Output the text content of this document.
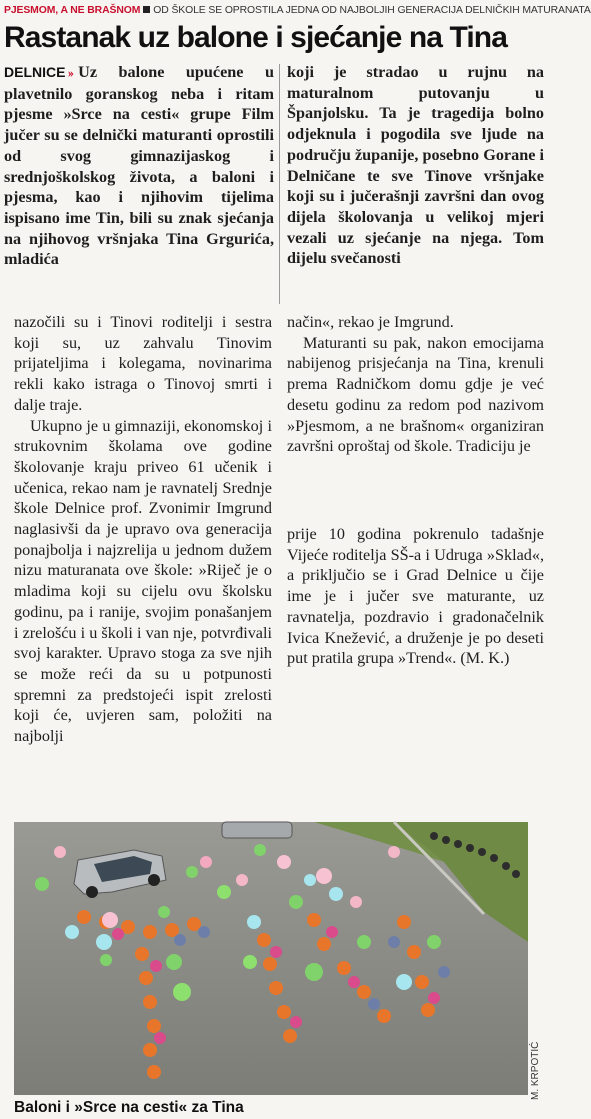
PJESMOM, A NE BRAŠNOM OD ŠKOLE SE OPROSTILA JEDNA OD NAJBOLJIH GENERACIJA DELNIČKIH MATURANATA
Rastanak uz balone i sjećanje na Tina

DELNICE ›› Uz balone upućene u plavetnilo goranskog neba i ritam pjesme »Srce na cesti« grupe Film jučer su se delnički maturanti oprostili od svog gimnazijaskog i srednjoškolskog života, a baloni i pjesma, kao i njihovim tijelima ispisano ime Tin, bili su znak sjećanja na njihovog vršnjaka Tina Grgurića, mladića

koji je stradao u rujnu na maturalnom putovanju u Španjolsku. Ta je tragedija bolno odjeknula i pogodila sve ljude na području županije, posebno Gorane i Delničane te sve Tinove vršnjake koji su i jučerašnji završni dan ovog dijela školovanja u velikoj mjeri vezali uz sjećanje na njega. Tom dijelu svečanosti

nazočili su i Tinovi roditelji i sestra koji su, uz zahvalu Tinovim prijateljima i kolegama, novinarima rekli kako istraga o Tinovoj smrti i dalje traje.

Ukupno je u gimnaziji, ekonomskoj i strukovnim školama ove godine školovanje kraju priveo 61 učenik i učenica, rekao nam je ravnatelj Srednje škole Delnice prof. Zvonimir Imgrund naglasivši da je upravo ova generacija ponajbolja i najzrelija u jednom dužem nizu maturanata ove škole: »Riječ je o mladima koji su cijelu ovu školsku godinu, pa i ranije, svojim ponašanjem i zrelošću i u školi i van nje, potvrđivali svoj karakter. Upravo stoga za sve njih se može reći da su u potpunosti spremni za predstojeći ispit zrelosti koji će, uvjeren sam, položiti na najbolji

način«, rekao je Imgrund.

Maturanti su pak, nakon emocijama nabijenog prisjećanja na Tina, krenuli prema Radničkom domu gdje je već desetu godinu za redom pod nazivom »Pjesmom, a ne brašnom« organiziran završni oproštaj od škole. Tradiciju je

prije 10 godina pokrenulo tadašnje Vijeće roditelja SŠ-a i Udruga »Sklad«, a priključio se i Grad Delnice u čije ime je i jučer sve maturante, uz ravnatelja, pozdravio i gradonačelnik Ivica Knežević, a druženje je po deseti put pratila grupa »Trend«. (M. K.)

M. KRPOTIĆ
Baloni i »Srce na cesti« za Tina
